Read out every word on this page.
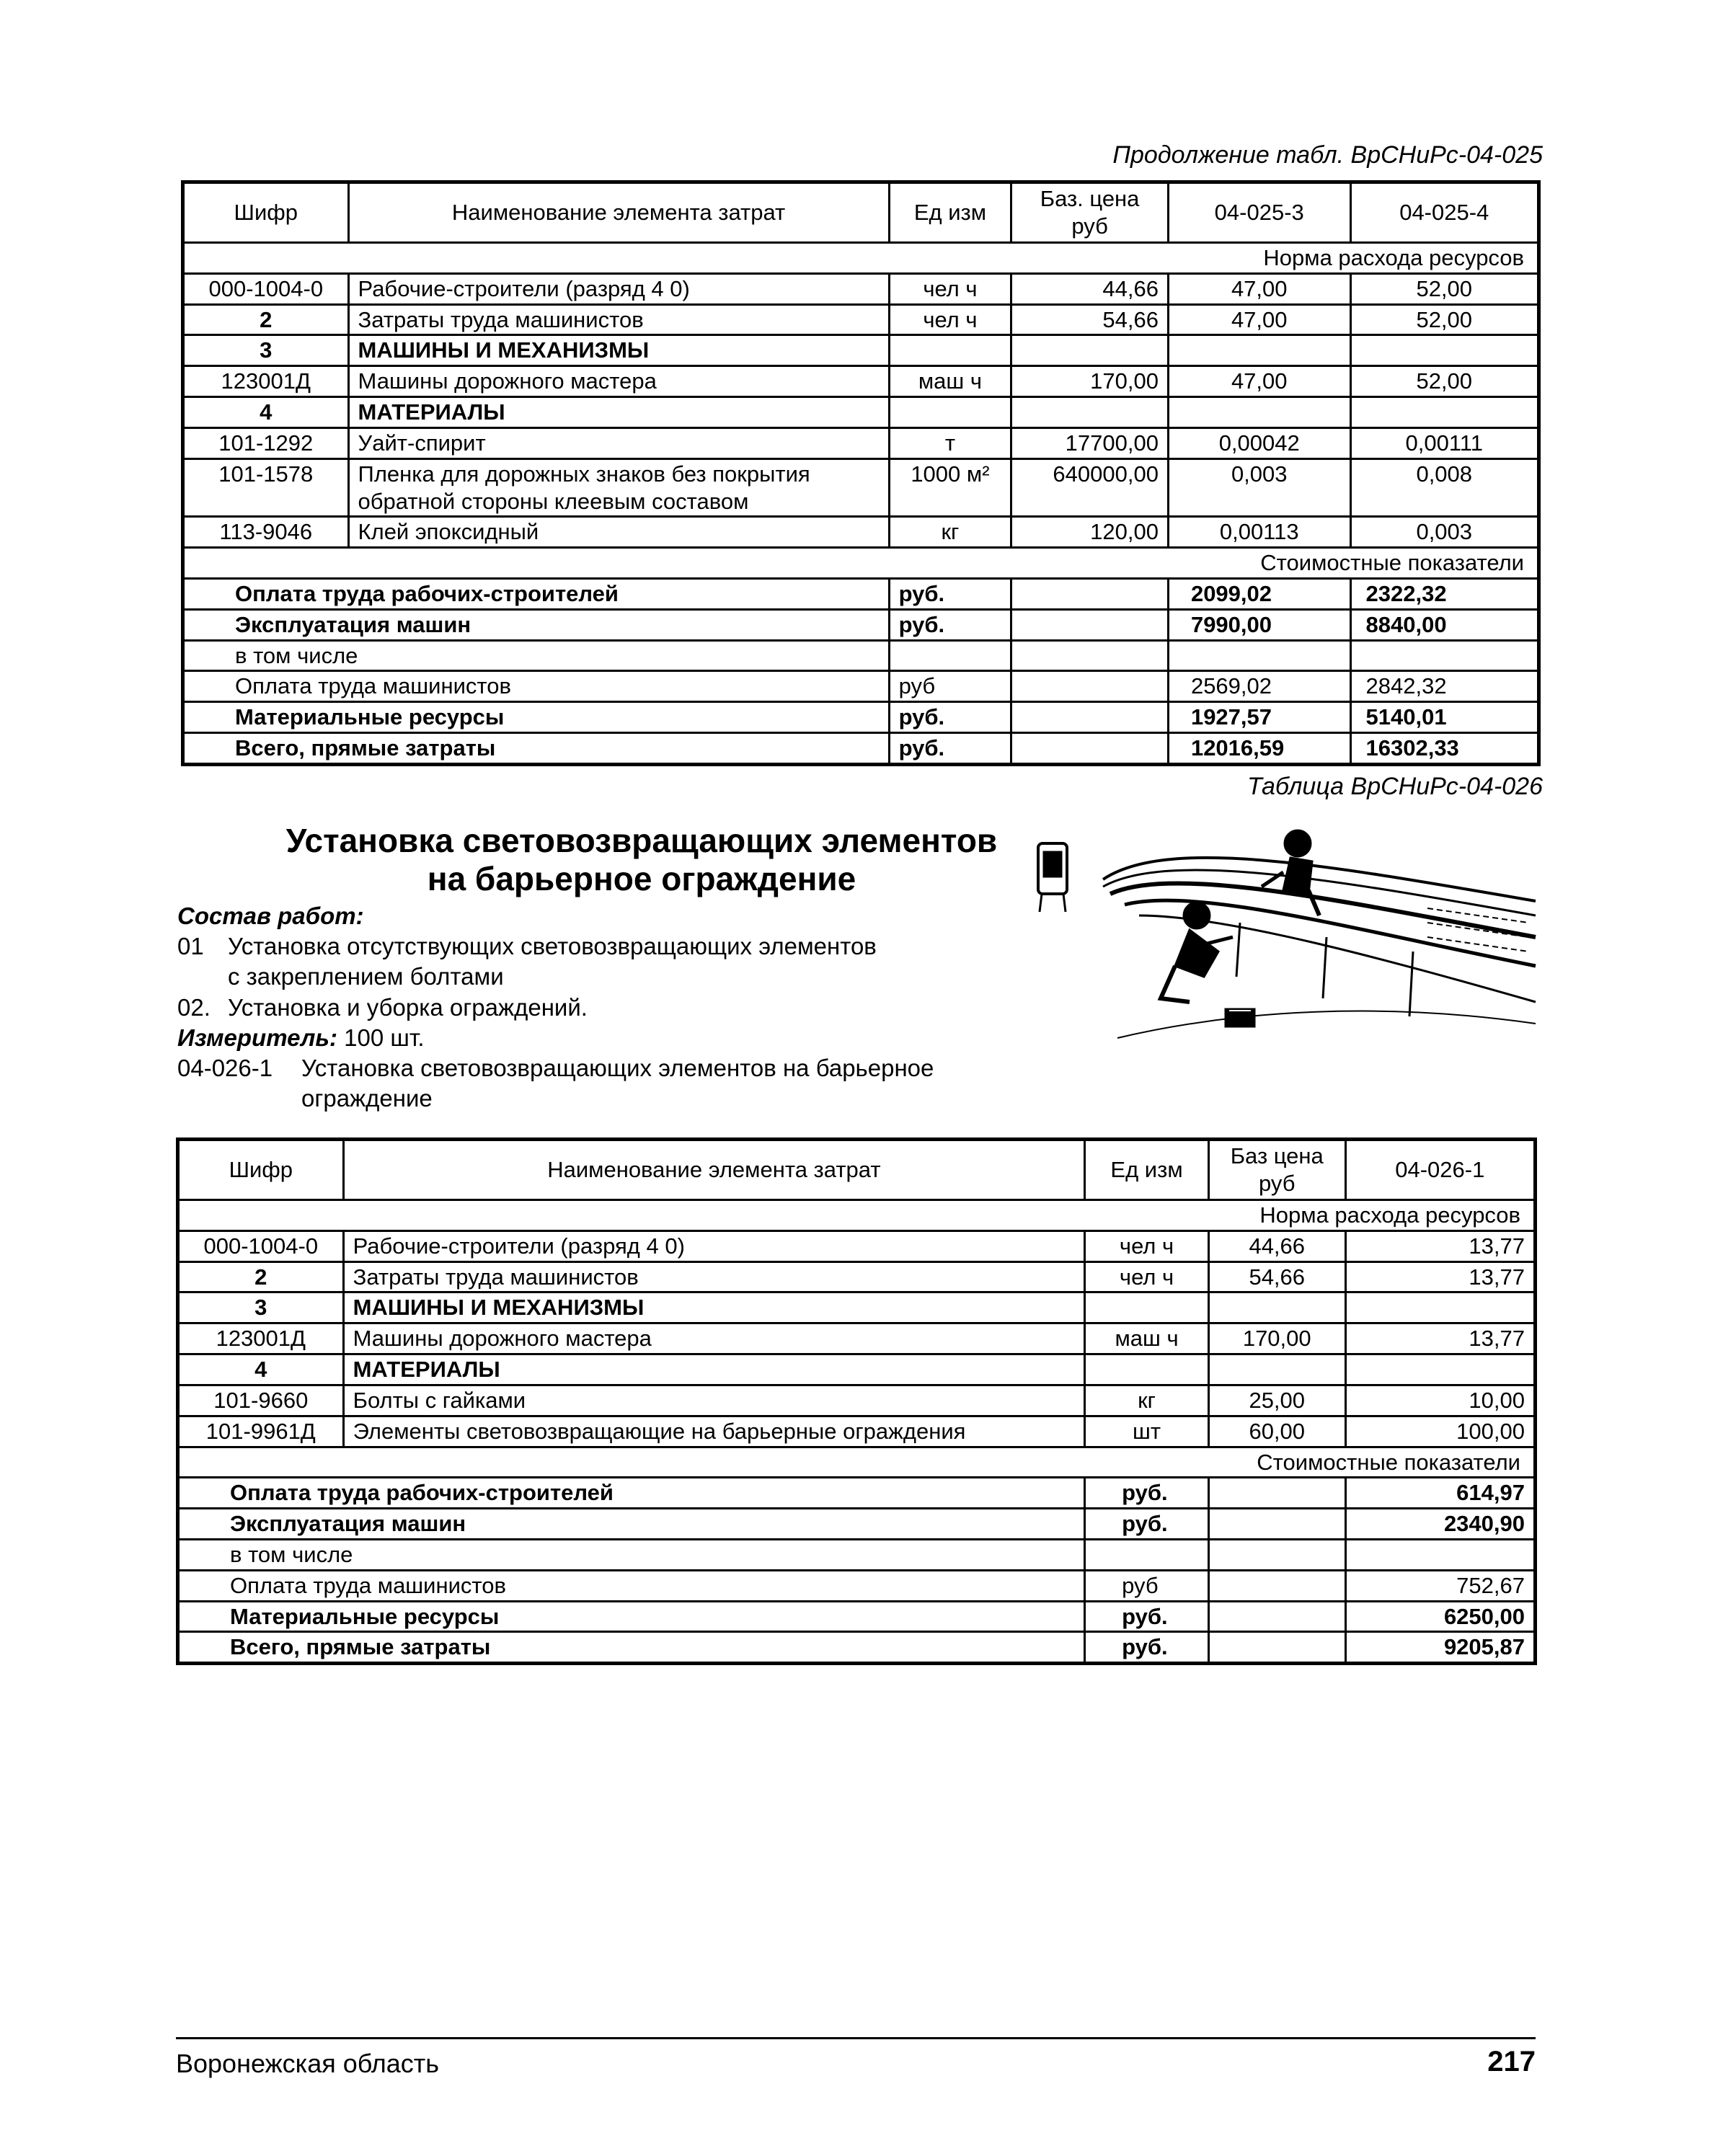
Продолжение табл. ВрСНиРс-04-025
Шифр	Наименование элемента затрат	Ед изм	Баз. цена руб	04-025-3	04-025-4
Норма расхода ресурсов					
000-1004-0	Рабочие-строители (разряд 4 0)	чел ч	44,66	47,00	52,00
2	Затраты труда машинистов	чел ч	54,66	47,00	52,00
3	МАШИНЫ И МЕХАНИЗМЫ				
123001Д	Машины дорожного мастера	маш ч	170,00	47,00	52,00
4	МАТЕРИАЛЫ				
101-1292	Уайт-спирит	т	17700,00	0,00042	0,00111
101-1578	Пленка для дорожных знаков без покрытия обратной стороны клеевым составом	1000 м²	640000,00	0,003	0,008
113-9046	Клей эпоксидный	кг	120,00	0,00113	0,003
Стоимостные показатели					
Оплата труда рабочих-строителей		руб.		2099,02	2322,32
Эксплуатация машин		руб.		7990,00	8840,00
в том числе					
Оплата труда машинистов		руб		2569,02	2842,32
Материальные ресурсы		руб.		1927,57	5140,01
Всего, прямые затраты		руб.		12016,59	16302,33
Таблица ВрСНиРс-04-026
Установка световозвращающих элементов
на барьерное ограждение
Состав работ:
01 Установка отсутствующих световозвращающих элементов
с закреплением болтами
02. Установка и уборка ограждений.
Измеритель: 100 шт.
04-026-1 Установка световозвращающих элементов на барьерное
ограждение
Шифр	Наименование элемента затрат	Ед изм	Баз цена руб	04-026-1
Норма расхода ресурсов				
000-1004-0	Рабочие-строители (разряд 4 0)	чел ч	44,66	13,77
2	Затраты труда машинистов	чел ч	54,66	13,77
3	МАШИНЫ И МЕХАНИЗМЫ			
123001Д	Машины дорожного мастера	маш ч	170,00	13,77
4	МАТЕРИАЛЫ			
101-9660	Болты с гайками	кг	25,00	10,00
101-9961Д	Элементы световозвращающие на барьерные ограждения	шт	60,00	100,00
Стоимостные показатели				
Оплата труда рабочих-строителей		руб.		614,97
Эксплуатация машин		руб.		2340,90
в том числе				
Оплата труда машинистов		руб		752,67
Материальные ресурсы		руб.		6250,00
Всего, прямые затраты		руб.		9205,87
Воронежская область	217
